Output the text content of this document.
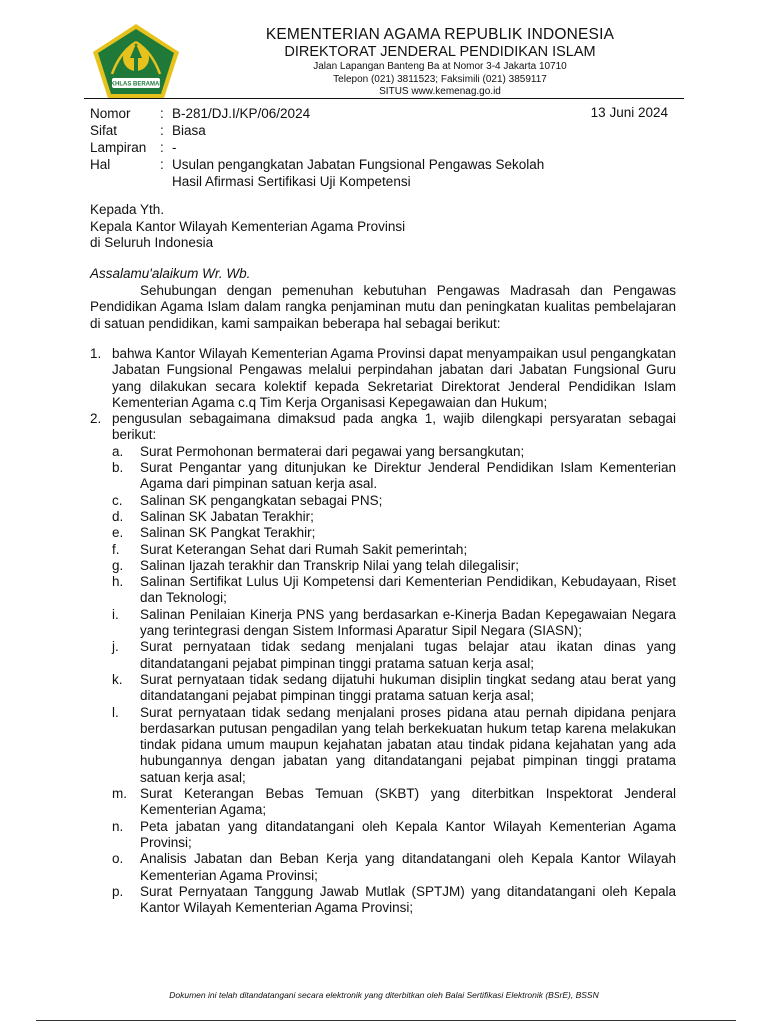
IKHLAS BERAMAL
KEMENTERIAN AGAMA REPUBLIK INDONESIA
DIREKTORAT JENDERAL PENDIDIKAN ISLAM
Jalan Lapangan Banteng Ba at Nomor 3-4 Jakarta 10710
Telepon (021) 3811523; Faksimili (021) 3859117
SITUS www.kemenag.go.id
Nomor	: B-281/DJ.I/KP/06/2024
Sifat	: Biasa
Lampiran	: -
Hal	: Usulan pengangkatan Jabatan Fungsional Pengawas Sekolah
Hasil Afirmasi Sertifikasi Uji Kompetensi
13 Juni 2024
Kepada Yth.
Kepala Kantor Wilayah Kementerian Agama Provinsi
di Seluruh Indonesia
Assalamu'alaikum Wr. Wb.
Sehubungan dengan pemenuhan kebutuhan Pengawas Madrasah dan Pengawas Pendidikan Agama Islam dalam rangka penjaminan mutu dan peningkatan kualitas pembelajaran di satuan pendidikan, kami sampaikan beberapa hal sebagai berikut:
1. bahwa Kantor Wilayah Kementerian Agama Provinsi dapat menyampaikan usul pengangkatan Jabatan Fungsional Pengawas melalui perpindahan jabatan dari Jabatan Fungsional Guru yang dilakukan secara kolektif kepada Sekretariat Direktorat Jenderal Pendidikan Islam Kementerian Agama c.q Tim Kerja Organisasi Kepegawaian dan Hukum;
2. pengusulan sebagaimana dimaksud pada angka 1, wajib dilengkapi persyaratan sebagai berikut:
a.	Surat Permohonan bermaterai dari pegawai yang bersangkutan;
b.	Surat Pengantar yang ditunjukan ke Direktur Jenderal Pendidikan Islam Kementerian Agama dari pimpinan satuan kerja asal.
c.	Salinan SK pengangkatan sebagai PNS;
d.	Salinan SK Jabatan Terakhir;
e.	Salinan SK Pangkat Terakhir;
f.	Surat Keterangan Sehat dari Rumah Sakit pemerintah;
g.	Salinan Ijazah terakhir dan Transkrip Nilai yang telah dilegalisir;
h.	Salinan Sertifikat Lulus Uji Kompetensi dari Kementerian Pendidikan, Kebudayaan, Riset dan Teknologi;
i.	Salinan Penilaian Kinerja PNS yang berdasarkan e-Kinerja Badan Kepegawaian Negara yang terintegrasi dengan Sistem Informasi Aparatur Sipil Negara (SIASN);
j.	Surat pernyataan tidak sedang menjalani tugas belajar atau ikatan dinas yang ditandatangani pejabat pimpinan tinggi pratama satuan kerja asal;
k.	Surat pernyataan tidak sedang dijatuhi hukuman disiplin tingkat sedang atau berat yang ditandatangani pejabat pimpinan tinggi pratama satuan kerja asal;
l.	Surat pernyataan tidak sedang menjalani proses pidana atau pernah dipidana penjara berdasarkan putusan pengadilan yang telah berkekuatan hukum tetap karena melakukan tindak pidana umum maupun kejahatan jabatan atau tindak pidana kejahatan yang ada hubungannya dengan jabatan yang ditandatangani pejabat pimpinan tinggi pratama satuan kerja asal;
m. Surat Keterangan Bebas Temuan (SKBT) yang diterbitkan Inspektorat Jenderal Kementerian Agama;
n.	Peta jabatan yang ditandatangani oleh Kepala Kantor Wilayah Kementerian Agama Provinsi;
o.	Analisis Jabatan dan Beban Kerja yang ditandatangani oleh Kepala Kantor Wilayah Kementerian Agama Provinsi;
p.	Surat Pernyataan Tanggung Jawab Mutlak (SPTJM) yang ditandatangani oleh Kepala Kantor Wilayah Kementerian Agama Provinsi;
Dokumen ini telah ditandatangani secara elektronik yang diterbitkan oleh Balai Sertifikasi Elektronik (BSrE), BSSN
